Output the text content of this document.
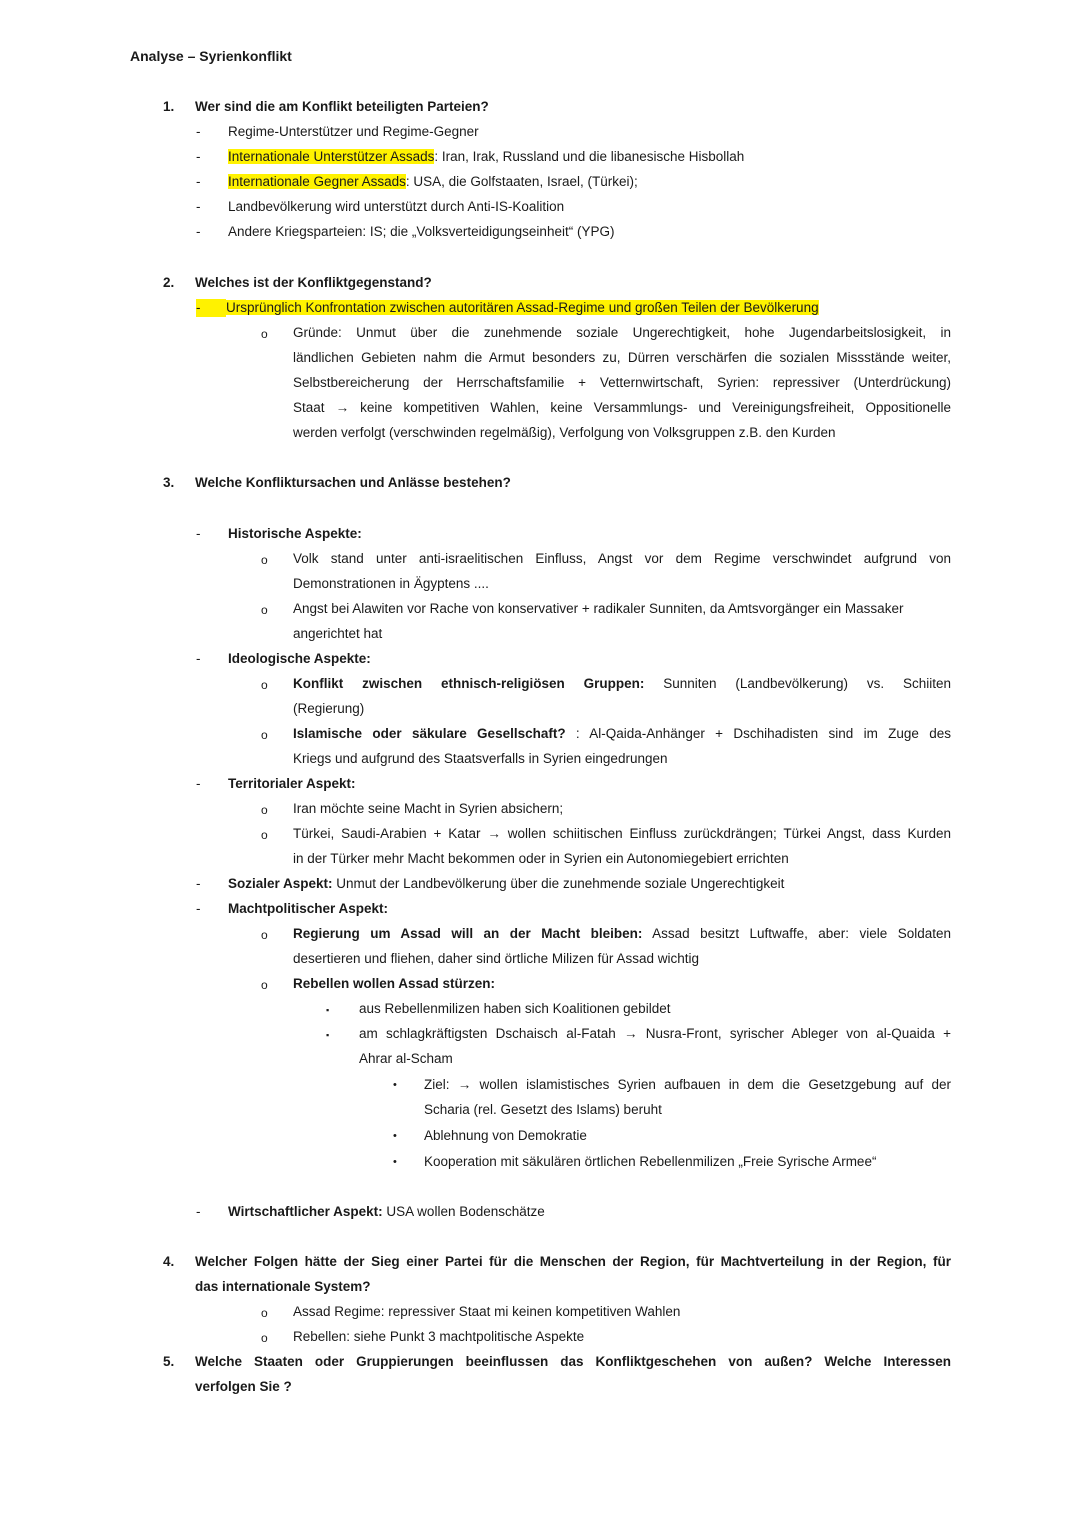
Analyse – Syrienkonflikt
1. Wer sind die am Konflikt beteiligten Parteien?
- Regime-Unterstützer und Regime-Gegner
- Internationale Unterstützer Assads: Iran, Irak, Russland und die libanesische Hisbollah
- Internationale Gegner Assads: USA, die Golfstaaten, Israel, (Türkei);
- Landbevölkerung wird unterstützt durch Anti-IS-Koalition
- Andere Kriegsparteien: IS; die „Volksverteidigungseinheit“ (YPG)
2. Welches ist der Konfliktgegenstand?
-	Ursprünglich Konfrontation zwischen autoritären Assad-Regime und großen Teilen der Bevölkerung
o Gründe: Unmut über die zunehmende soziale Ungerechtigkeit, hohe Jugendarbeitslosigkeit, in
ländlichen Gebieten nahm die Armut besonders zu, Dürren verschärfen die sozialen Missstände weiter,
Selbstbereicherung der Herrschaftsfamilie + Vetternwirtschaft, Syrien: repressiver (Unterdrückung)
Staat → keine kompetitiven Wahlen, keine Versammlungs- und Vereinigungsfreiheit, Oppositionelle
werden verfolgt (verschwinden regelmäßig), Verfolgung von Volksgruppen z.B. den Kurden
3. Welche Konfliktursachen und Anlässe bestehen?
- Historische Aspekte:
o Volk stand unter anti-israelitischen Einfluss, Angst vor dem Regime verschwindet aufgrund von
Demonstrationen in Ägyptens ....
o Angst bei Alawiten vor Rache von konservativer + radikaler Sunniten, da Amtsvorgänger ein Massaker
angerichtet hat
- Ideologische Aspekte:
o Konflikt zwischen ethnisch-religiösen Gruppen: Sunniten (Landbevölkerung) vs. Schiiten
(Regierung)
o Islamische oder säkulare Gesellschaft? : Al-Qaida-Anhänger + Dschihadisten sind im Zuge des
Kriegs und aufgrund des Staatsverfalls in Syrien eingedrungen
- Territorialer Aspekt:
o Iran möchte seine Macht in Syrien absichern;
o Türkei, Saudi-Arabien + Katar → wollen schiitischen Einfluss zurückdrängen; Türkei Angst, dass Kurden
in der Türker mehr Macht bekommen oder in Syrien ein Autonomiegebiert errichten
- Sozialer Aspekt: Unmut der Landbevölkerung über die zunehmende soziale Ungerechtigkeit
- Machtpolitischer Aspekt:
o Regierung um Assad will an der Macht bleiben: Assad besitzt Luftwaffe, aber: viele Soldaten
desertieren und fliehen, daher sind örtliche Milizen für Assad wichtig
o Rebellen wollen Assad stürzen:
▪ aus Rebellenmilizen haben sich Koalitionen gebildet
▪ am schlagkräftigsten Dschaisch al-Fatah → Nusra-Front, syrischer Ableger von al-Quaida +
Ahrar al-Scham
• Ziel: → wollen islamistisches Syrien aufbauen in dem die Gesetzgebung auf der
Scharia (rel. Gesetzt des Islams) beruht
• Ablehnung von Demokratie
• Kooperation mit säkulären örtlichen Rebellenmilizen „Freie Syrische Armee“
- Wirtschaftlicher Aspekt: USA wollen Bodenschätze
4. Welcher Folgen hätte der Sieg einer Partei für die Menschen der Region, für Machtverteilung in der Region, für
das internationale System?
o Assad Regime: repressiver Staat mi keinen kompetitiven Wahlen
o Rebellen: siehe Punkt 3 machtpolitische Aspekte
5. Welche Staaten oder Gruppierungen beeinflussen das Konfliktgeschehen von außen? Welche Interessen
verfolgen Sie ?
